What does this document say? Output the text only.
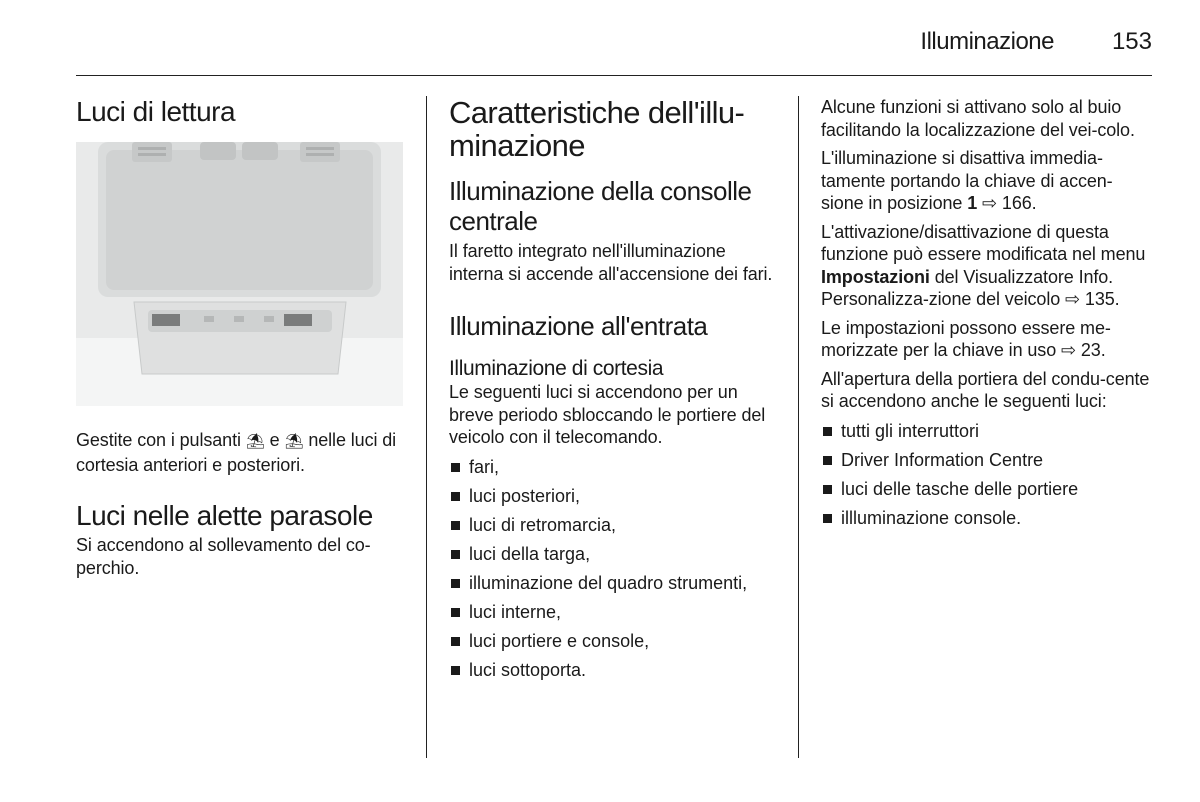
Illuminazione 153
Luci di lettura

Gestite con i pulsanti ⛱ e ⛱ nelle luci di cortesia anteriori e posteriori.

Luci nelle alette parasole

Si accendono al sollevamento del co-perchio.

Caratteristiche dell'illu-minazione
Illuminazione della consolle centrale

Il faretto integrato nell'illuminazione interna si accende all'accensione dei fari.

Illuminazione all'entrata
Illuminazione di cortesia

Le seguenti luci si accendono per un breve periodo sbloccando le portiere del veicolo con il telecomando.

fari,
luci posteriori,
luci di retromarcia,
luci della targa,
illuminazione del quadro strumenti,
luci interne,
luci portiere e console,
luci sottoporta.

Alcune funzioni si attivano solo al buio facilitando la localizzazione del vei-colo.

L'illuminazione si disattiva immedia-tamente portando la chiave di accen-sione in posizione 1 ⇨ 166.

L'attivazione/disattivazione di questa funzione può essere modificata nel menu Impostazioni del Visualizzatore Info. Personalizza-zione del veicolo ⇨ 135.

Le impostazioni possono essere me-morizzate per la chiave in uso ⇨ 23.

All'apertura della portiera del condu-cente si accendono anche le seguenti luci:

tutti gli interruttori
Driver Information Centre
luci delle tasche delle portiere
illluminazione console.
